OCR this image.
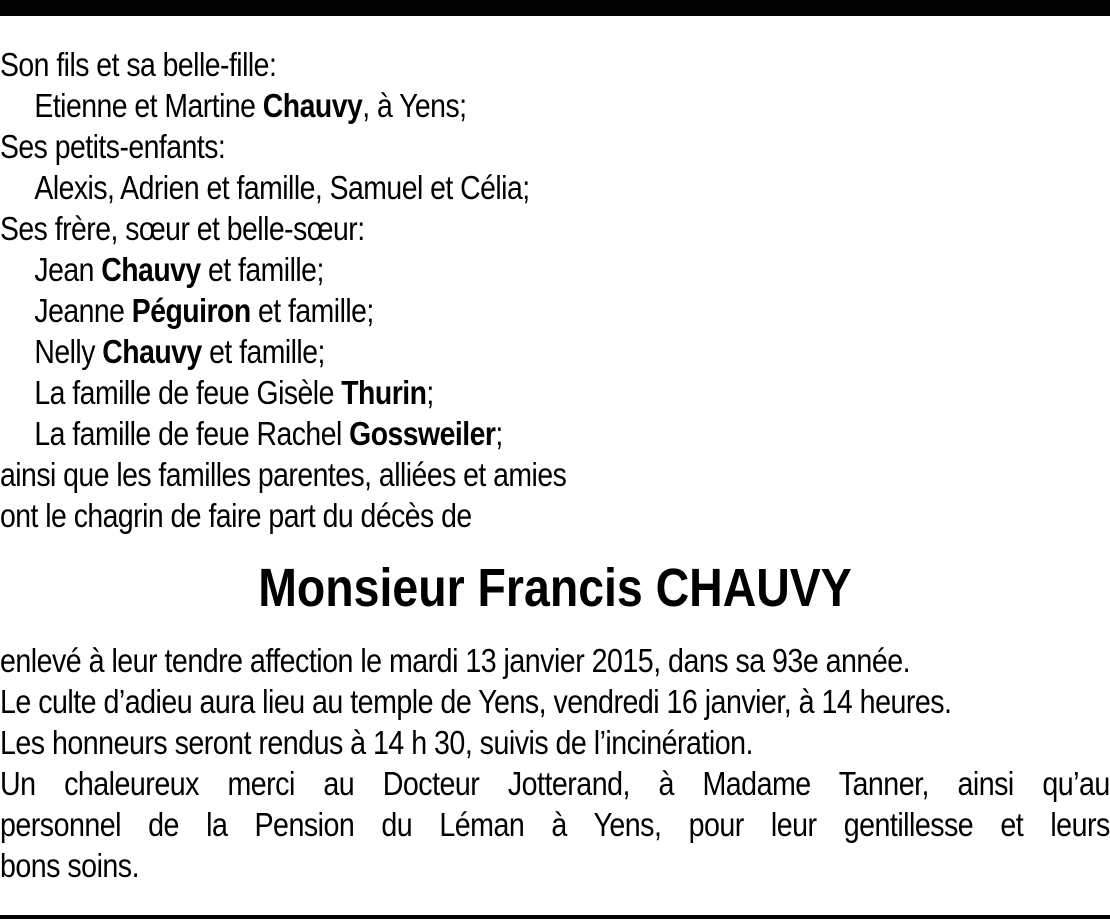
Son fils et sa belle-fille:
Etienne et Martine Chauvy, à Yens;
Ses petits-enfants:
Alexis, Adrien et famille, Samuel et Célia;
Ses frère, sœur et belle-sœur:
Jean Chauvy et famille;
Jeanne Péguiron et famille;
Nelly Chauvy et famille;
La famille de feue Gisèle Thurin;
La famille de feue Rachel Gossweiler;
ainsi que les familles parentes, alliées et amies
ont le chagrin de faire part du décès de
Monsieur Francis CHAUVY
enlevé à leur tendre affection le mardi 13 janvier 2015, dans sa 93e année.
Le culte d’adieu aura lieu au temple de Yens, vendredi 16 janvier, à 14 heures.
Les honneurs seront rendus à 14 h 30, suivis de l’incinération.
Un chaleureux merci au Docteur Jotterand, à Madame Tanner, ainsi qu’au
personnel de la Pension du Léman à Yens, pour leur gentillesse et leurs
bons soins.
